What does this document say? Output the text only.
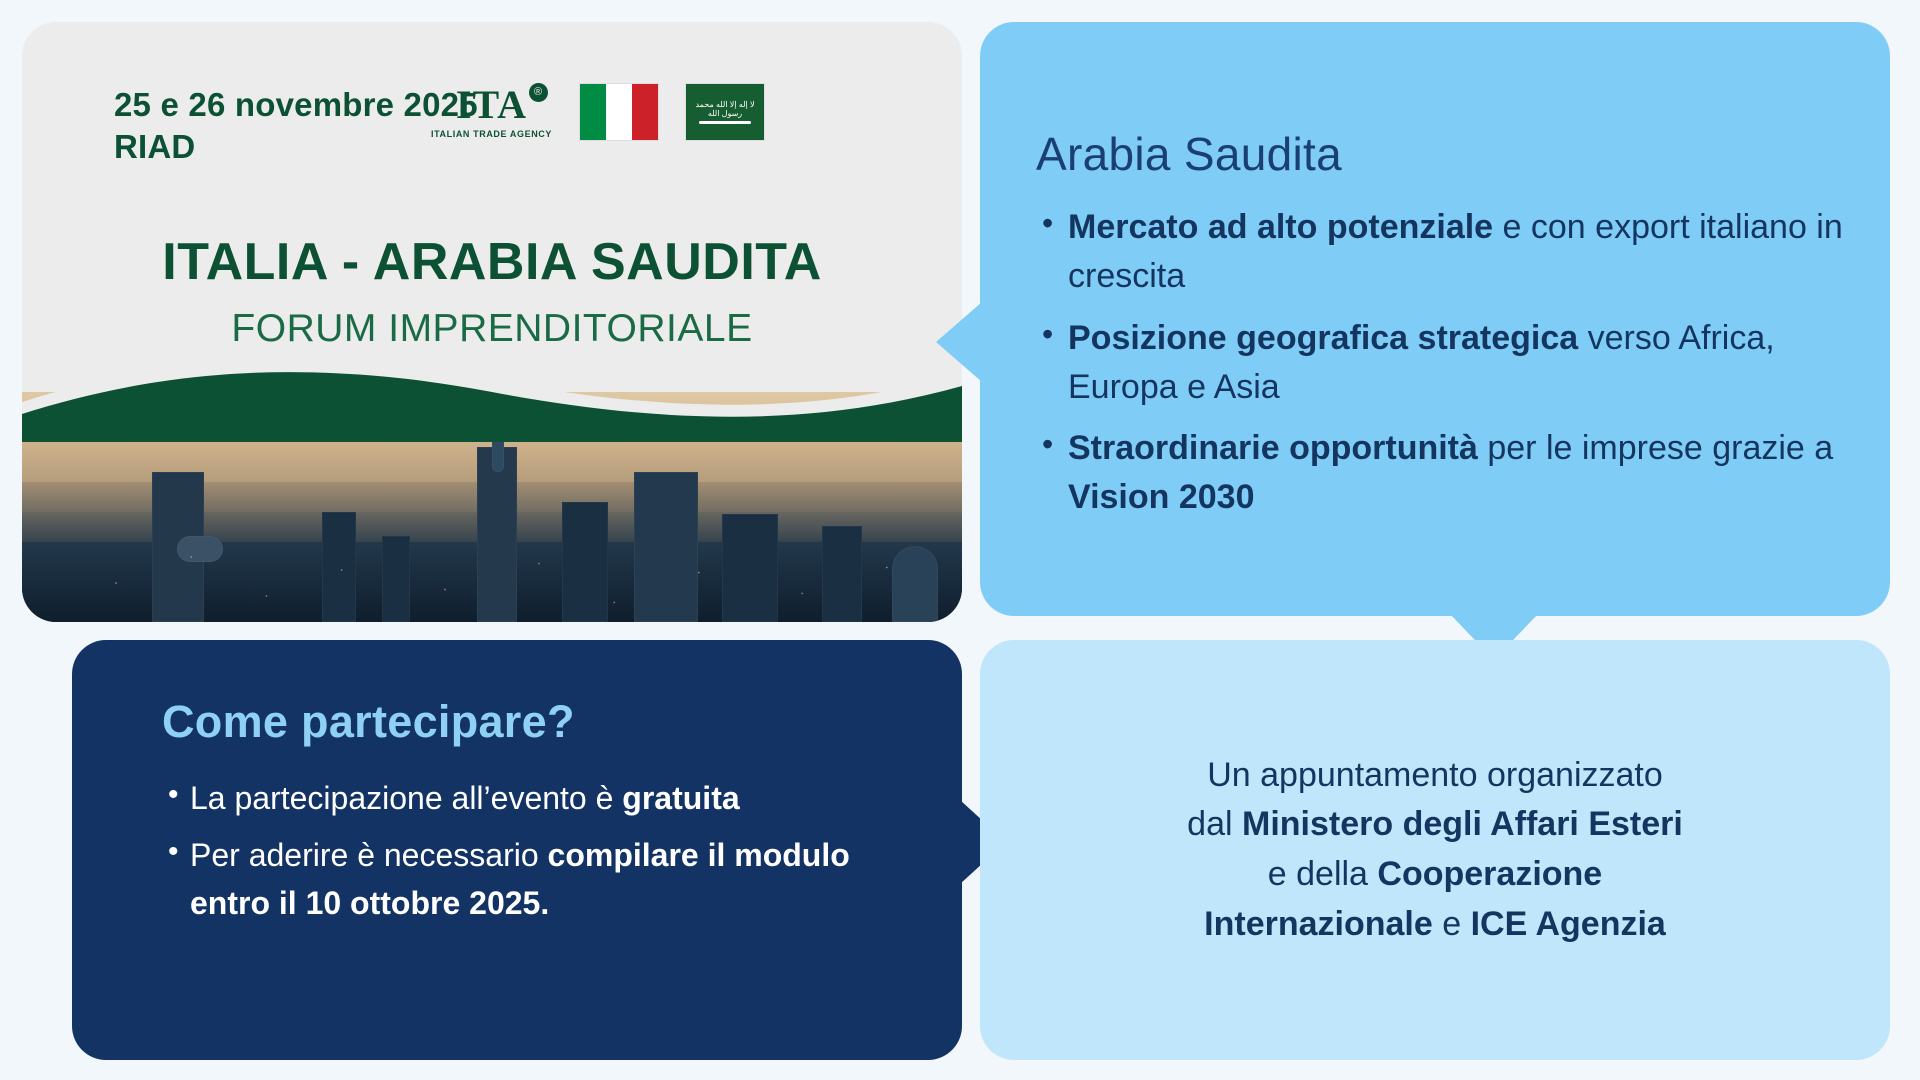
25 e 26 novembre 2025
RIAD
ITA ®
ITALIAN TRADE AGENCY
لا إله إلا الله محمد رسول الله
ITALIA - ARABIA SAUDITA
FORUM IMPRENDITORIALE
Arabia Saudita
• Mercato ad alto potenziale e con export italiano in crescita
• Posizione geografica strategica verso Africa, Europa e Asia
• Straordinarie opportunità per le imprese grazie a Vision 2030
Come partecipare?
• La partecipazione all’evento è gratuita
• Per aderire è necessario compilare il modulo entro il 10 ottobre 2025.
Un appuntamento organizzato
dal Ministero degli Affari Esteri
e della Cooperazione
Internazionale e ICE Agenzia
